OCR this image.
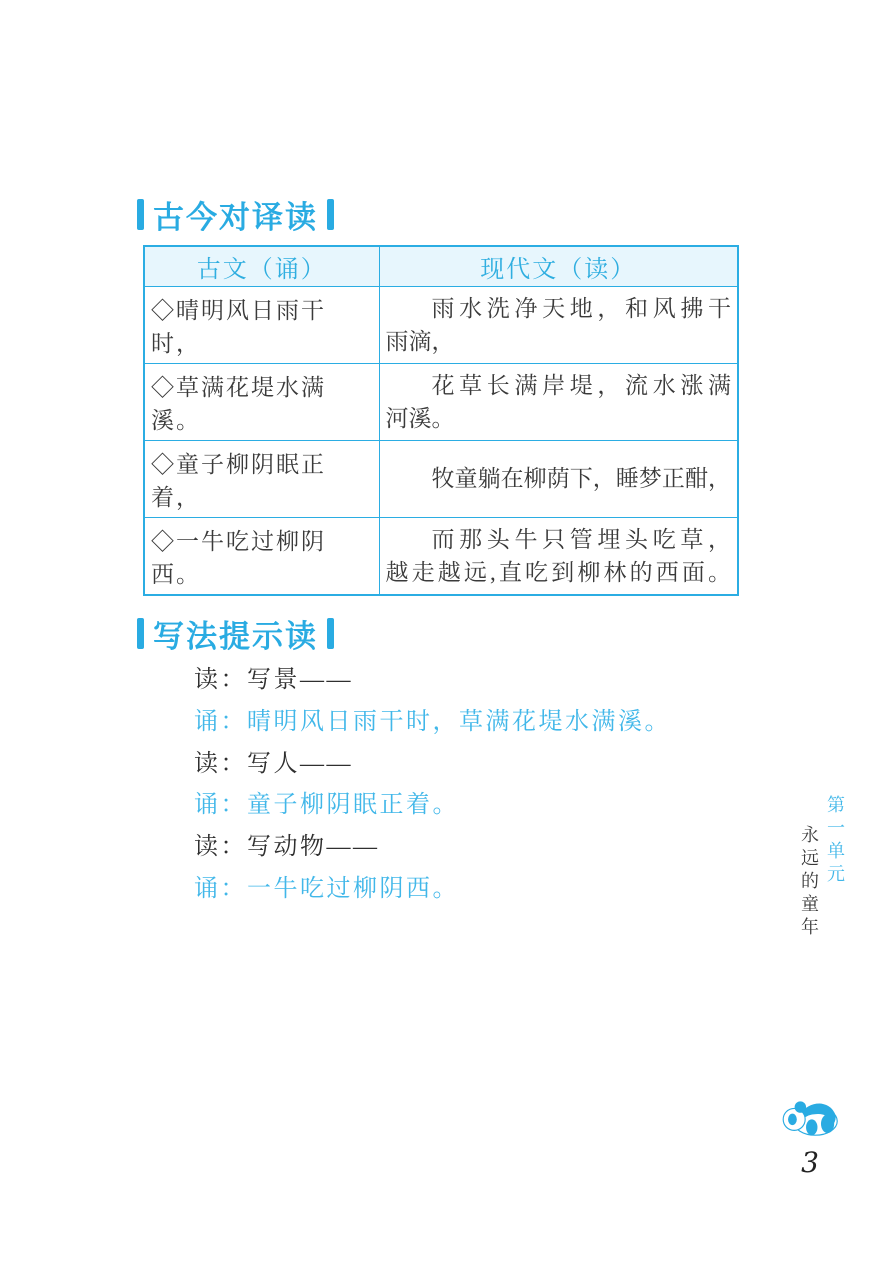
古今对译读
古文（诵）	现代文（读）
◇晴明风日雨干时，	雨水洗净天地，和风拂干
雨滴，

◇草满花堤水满溪。	花草长满岸堤，流水涨满
河溪。

◇童子柳阴眠正着，	牧童躺在柳荫下，睡梦正酣，

◇一牛吃过柳阴西。	而那头牛只管埋头吃草，
越走越远,直吃到柳林的西面。
写法提示读
读：写景——
诵：晴明风日雨干时，草满花堤水满溪。
读：写人——
诵：童子柳阴眠正着。
读：写动物——
诵：一牛吃过柳阴西。
第一单元
永远的童年
3
